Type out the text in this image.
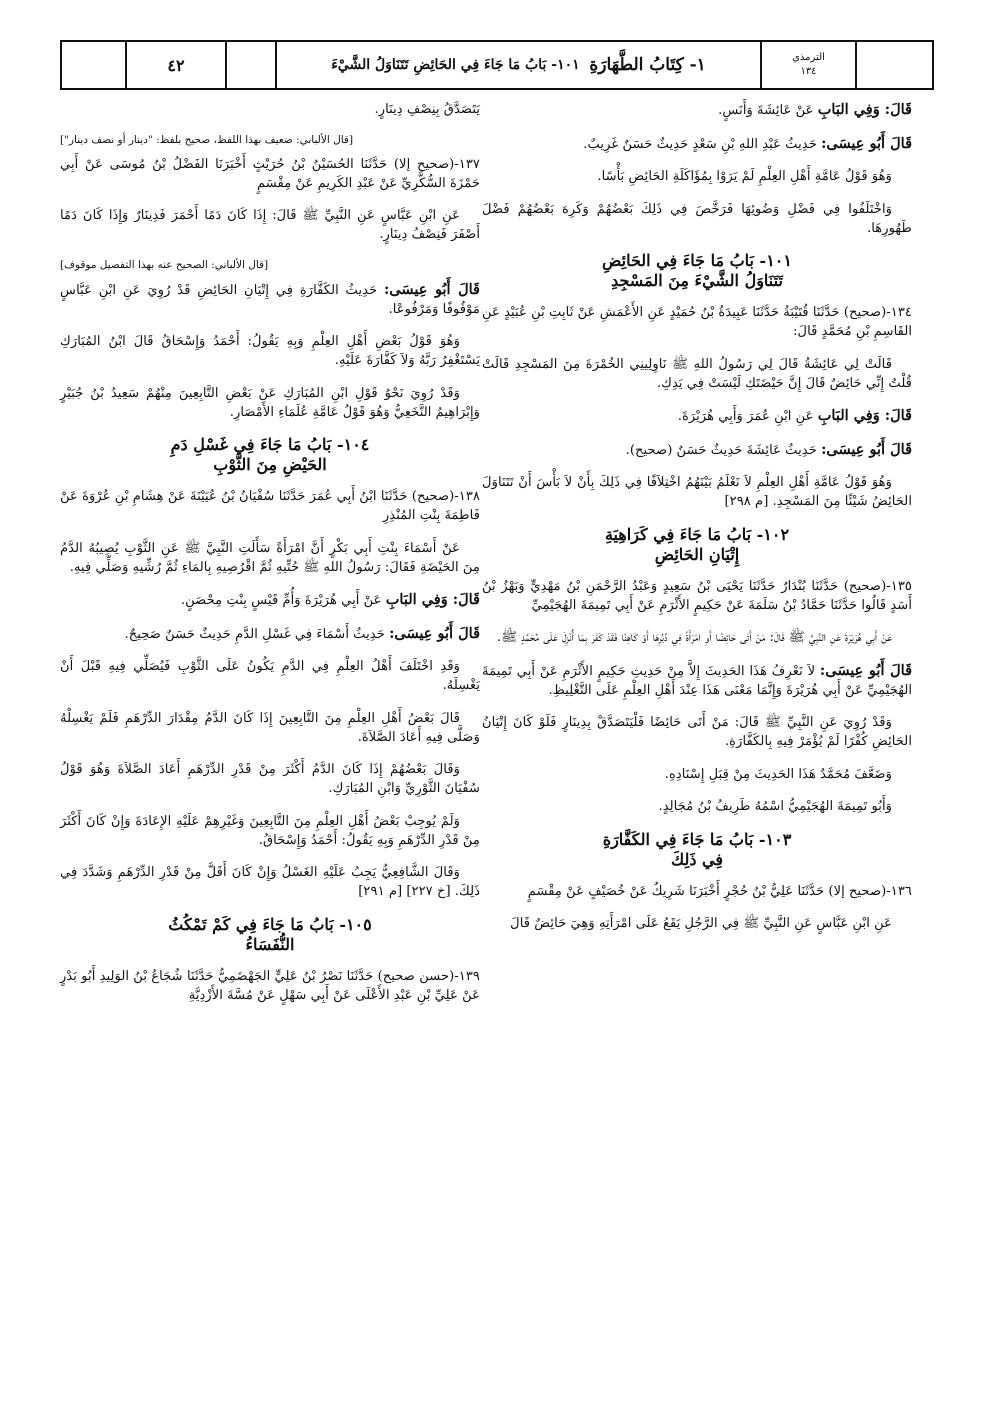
٤٢	١- كِتَابُ الطَّهَارَةِ

١٠١- بَابُ مَا جَاءَ فِي الحَائِضِ تَتَنَاوَلُ الشَّيْءَ	الترمذي
١٣٤

قَالَ: وَفِي البَابِ عَنْ عَائِشَةَ وَأَنَسٍ.

قَالَ أَبُو عِيسَى: حَدِيثُ عَبْدِ اللهِ بْنِ سَعْدٍ حَدِيثٌ حَسَنٌ غَرِيبٌ.

وَهُوَ قَوْلُ عَامَّةِ أَهْلِ العِلْمِ لَمْ يَرَوْا بِمُؤَاكَلَةِ الحَائِضِ بَأْسًا.

وَاخْتَلَفُوا فِي فَضْلِ وَضُوئِهَا فَرَخَّصَ فِي ذَلِكَ بَعْضُهُمْ وَكَرِهَ بَعْضُهُمْ فَضْلَ طَهُورِهَا.

١٠١- بَابُ مَا جَاءَ فِي الحَائِضِ
تَتَنَاوَلُ الشَّيْءَ مِنَ المَسْجِدِ

١٣٤-(صحيح) حَدَّثَنَا قُتَيْبَةُ حَدَّثَنَا عَبِيدَةُ بْنُ حُمَيْدٍ عَنِ الأَعْمَشِ عَنْ ثَابِتِ بْنِ عُبَيْدٍ عَنِ القَاسِمِ بْنِ مُحَمَّدٍ قَالَ:

قَالَتْ لِي عَائِشَةُ قَالَ لِي رَسُولُ اللهِ ﷺ نَاوِلِينِي الخُمْرَةَ مِنَ المَسْجِدِ قَالَتْ قُلْتُ إِنِّي حَائِضٌ قَالَ إِنَّ حَيْضَتَكِ لَيْسَتْ فِي يَدِكِ.

قَالَ: وَفِي البَابِ عَنِ ابْنِ عُمَرَ وَأَبِي هُرَيْرَةَ.

قَالَ أَبُو عِيسَى: حَدِيثُ عَائِشَةَ حَدِيثٌ حَسَنٌ (صحيح).

وَهُوَ قَوْلُ عَامَّةِ أَهْلِ العِلْمِ لاَ نَعْلَمُ بَيْنَهُمُ اخْتِلاَفًا فِي ذَلِكَ بِأَنْ لاَ بَأْسَ أَنْ تَتَنَاوَلَ الحَائِضُ شَيْئًا مِنَ المَسْجِدِ. [م ٢٩٨]

١٠٢- بَابُ مَا جَاءَ فِي كَرَاهِيَةِ
إِتْيَانِ الحَائِضِ

١٣٥-(صحيح) حَدَّثَنَا بُنْدَارٌ حَدَّثَنَا يَحْيَى بْنُ سَعِيدٍ وَعَبْدُ الرَّحْمَنِ بْنُ مَهْدِيٍّ وَبَهْزُ بْنُ أَسَدٍ قَالُوا حَدَّثَنَا حَمَّادُ بْنُ سَلَمَةَ عَنْ حَكِيمٍ الأَثْرَمِ عَنْ أَبِي تَمِيمَةَ الهُجَيْمِيِّ

عَنْ أَبِي هُرَيْرَةَ عَنِ النَّبِيِّ ﷺ قَالَ: مَنْ أَتَى حَائِضًا أَوِ امْرَأَةً فِي دُبُرِهَا أَوْ كَاهِنًا فَقَدْ كَفَرَ بِمَا أُنْزِلَ عَلَى مُحَمَّدٍ ﷺ.

قَالَ أَبُو عِيسَى: لاَ نَعْرِفُ هَذَا الحَدِيثَ إِلاَّ مِنْ حَدِيثِ حَكِيمٍ الأَثْرَمِ عَنْ أَبِي تَمِيمَةَ الهُجَيْمِيِّ عَنْ أَبِي هُرَيْرَةَ وَإِنَّمَا مَعْنَى هَذَا عِنْدَ أَهْلِ العِلْمِ عَلَى التَّغْلِيظِ.

وَقَدْ رُوِيَ عَنِ النَّبِيِّ ﷺ قَالَ: مَنْ أَتَى حَائِضًا فَلْيَتَصَدَّقْ بِدِينَارٍ فَلَوْ كَانَ إِتْيَانُ الحَائِضِ كُفْرًا لَمْ يُؤْمَرْ فِيهِ بِالكَفَّارَةِ.

وَضَعَّفَ مُحَمَّدٌ هَذَا الحَدِيثَ مِنْ قِبَلِ إِسْنَادِهِ.

وَأَبُو تَمِيمَةَ الهُجَيْمِيُّ اسْمُهُ طَرِيفُ بْنُ مُجَالِدٍ.

١٠٣- بَابُ مَا جَاءَ فِي الكَفَّارَةِ
فِي ذَلِكَ

١٣٦-(صحيح إلا) حَدَّثَنَا عَلِيُّ بْنُ حُجْرٍ أَخْبَرَنَا شَرِيكٌ عَنْ خُصَيْفٍ عَنْ مِقْسَمٍ

عَنِ ابْنِ عَبَّاسٍ عَنِ النَّبِيِّ ﷺ فِي الرَّجُلِ يَقَعُ عَلَى امْرَأَتِهِ وَهِيَ حَائِضٌ قَالَ

يَتَصَدَّقُ بِنِصْفِ دِينَارٍ.

[قال الألباني: ضعيف بهذا اللفظ، صحيح بلفظ: "دينار أو نصف دينار"]

١٣٧-(صحيح إلا) حَدَّثَنَا الحُسَيْنُ بْنُ حُرَيْثٍ أَخْبَرَنَا الفَضْلُ بْنُ مُوسَى عَنْ أَبِي حَمْزَةَ السُّكَّرِيِّ عَنْ عَبْدِ الكَرِيمِ عَنْ مِقْسَمٍ

عَنِ ابْنِ عَبَّاسٍ عَنِ النَّبِيِّ ﷺ قَالَ: إِذَا كَانَ دَمًا أَحْمَرَ فَدِينَارٌ وَإِذَا كَانَ دَمًا أَصْفَرَ فَنِصْفُ دِينَارٍ.

[قال الألباني: الصحيح عنه بهذا التفصيل موقوف]

قَالَ أَبُو عِيسَى: حَدِيثُ الكَفَّارَةِ فِي إِتْيَانِ الحَائِضِ قَدْ رُوِيَ عَنِ ابْنِ عَبَّاسٍ مَوْقُوفًا وَمَرْفُوعًا.

وَهُوَ قَوْلُ بَعْضِ أَهْلِ العِلْمِ وَبِهِ يَقُولُ: أَحْمَدُ وَإِسْحَاقُ قَالَ ابْنُ المُبَارَكِ يَسْتَغْفِرُ رَبَّهُ وَلاَ كَفَّارَةَ عَلَيْهِ.

وَقَدْ رُوِيَ نَحْوُ قَوْلِ ابْنِ المُبَارَكِ عَنْ بَعْضِ التَّابِعِينَ مِنْهُمْ سَعِيدُ بْنُ جُبَيْرٍ وَإِبْرَاهِيمُ النَّخَعِيُّ وَهُوَ قَوْلُ عَامَّةِ عُلَمَاءِ الأَمْصَارِ.

١٠٤- بَابُ مَا جَاءَ فِي غَسْلِ دَمِ
الحَيْضِ مِنَ الثَّوْبِ

١٣٨-(صحيح) حَدَّثَنَا ابْنُ أَبِي عُمَرَ حَدَّثَنَا سُفْيَانُ بْنُ عُيَيْنَةَ عَنْ هِشَامِ بْنِ عُرْوَةَ عَنْ فَاطِمَةَ بِنْتِ المُنْذِرِ

عَنْ أَسْمَاءَ بِنْتِ أَبِي بَكْرٍ أَنَّ امْرَأَةً سَأَلَتِ النَّبِيَّ ﷺ عَنِ الثَّوْبِ يُصِيبُهُ الدَّمُ مِنَ الحَيْضَةِ فَقَالَ: رَسُولُ اللهِ ﷺ حُتِّيهِ ثُمَّ اقْرُصِيهِ بِالمَاءِ ثُمَّ رُشِّيهِ وَصَلِّي فِيهِ.

قَالَ: وَفِي البَابِ عَنْ أَبِي هُرَيْرَةَ وَأُمِّ قَيْسٍ بِنْتِ مِحْصَنٍ.

قَالَ أَبُو عِيسَى: حَدِيثُ أَسْمَاءَ فِي غَسْلِ الدَّمِ حَدِيثٌ حَسَنٌ صَحِيحٌ.

وَقَدِ اخْتَلَفَ أَهْلُ العِلْمِ فِي الدَّمِ يَكُونُ عَلَى الثَّوْبِ فَيُصَلِّي فِيهِ قَبْلَ أَنْ يَغْسِلَهُ.

قَالَ بَعْضُ أَهْلِ العِلْمِ مِنَ التَّابِعِينَ إِذَا كَانَ الدَّمُ مِقْدَارَ الدِّرْهَمِ فَلَمْ يَغْسِلْهُ وَصَلَّى فِيهِ أَعَادَ الصَّلاَةَ.

وَقَالَ بَعْضُهُمْ إِذَا كَانَ الدَّمُ أَكْثَرَ مِنْ قَدْرِ الدِّرْهَمِ أَعَادَ الصَّلاَةَ وَهُوَ قَوْلُ سُفْيَانَ الثَّوْرِيِّ وَابْنِ المُبَارَكِ.

وَلَمْ يُوجِبْ بَعْضُ أَهْلِ العِلْمِ مِنَ التَّابِعِينَ وَغَيْرِهِمْ عَلَيْهِ الإِعَادَةَ وَإِنْ كَانَ أَكْثَرَ مِنْ قَدْرِ الدِّرْهَمِ وَبِهِ يَقُولُ: أَحْمَدُ وَإِسْحَاقُ.

وَقَالَ الشَّافِعِيُّ يَجِبُ عَلَيْهِ الغَسْلُ وَإِنْ كَانَ أَقَلَّ مِنْ قَدْرِ الدِّرْهَمِ وَشَدَّدَ فِي ذَلِكَ. [خ ٢٢٧] [م ٢٩١]

١٠٥- بَابُ مَا جَاءَ فِي كَمْ تَمْكُثُ
النُّفَسَاءُ

١٣٩-(حسن صحيح) حَدَّثَنَا نَصْرُ بْنُ عَلِيٍّ الجَهْضَمِيُّ حَدَّثَنَا شُجَاعُ بْنُ الوَلِيدِ أَبُو بَدْرٍ عَنْ عَلِيِّ بْنِ عَبْدِ الأَعْلَى عَنْ أَبِي سَهْلٍ عَنْ مُسَّةَ الأَزْدِيَّةِ
